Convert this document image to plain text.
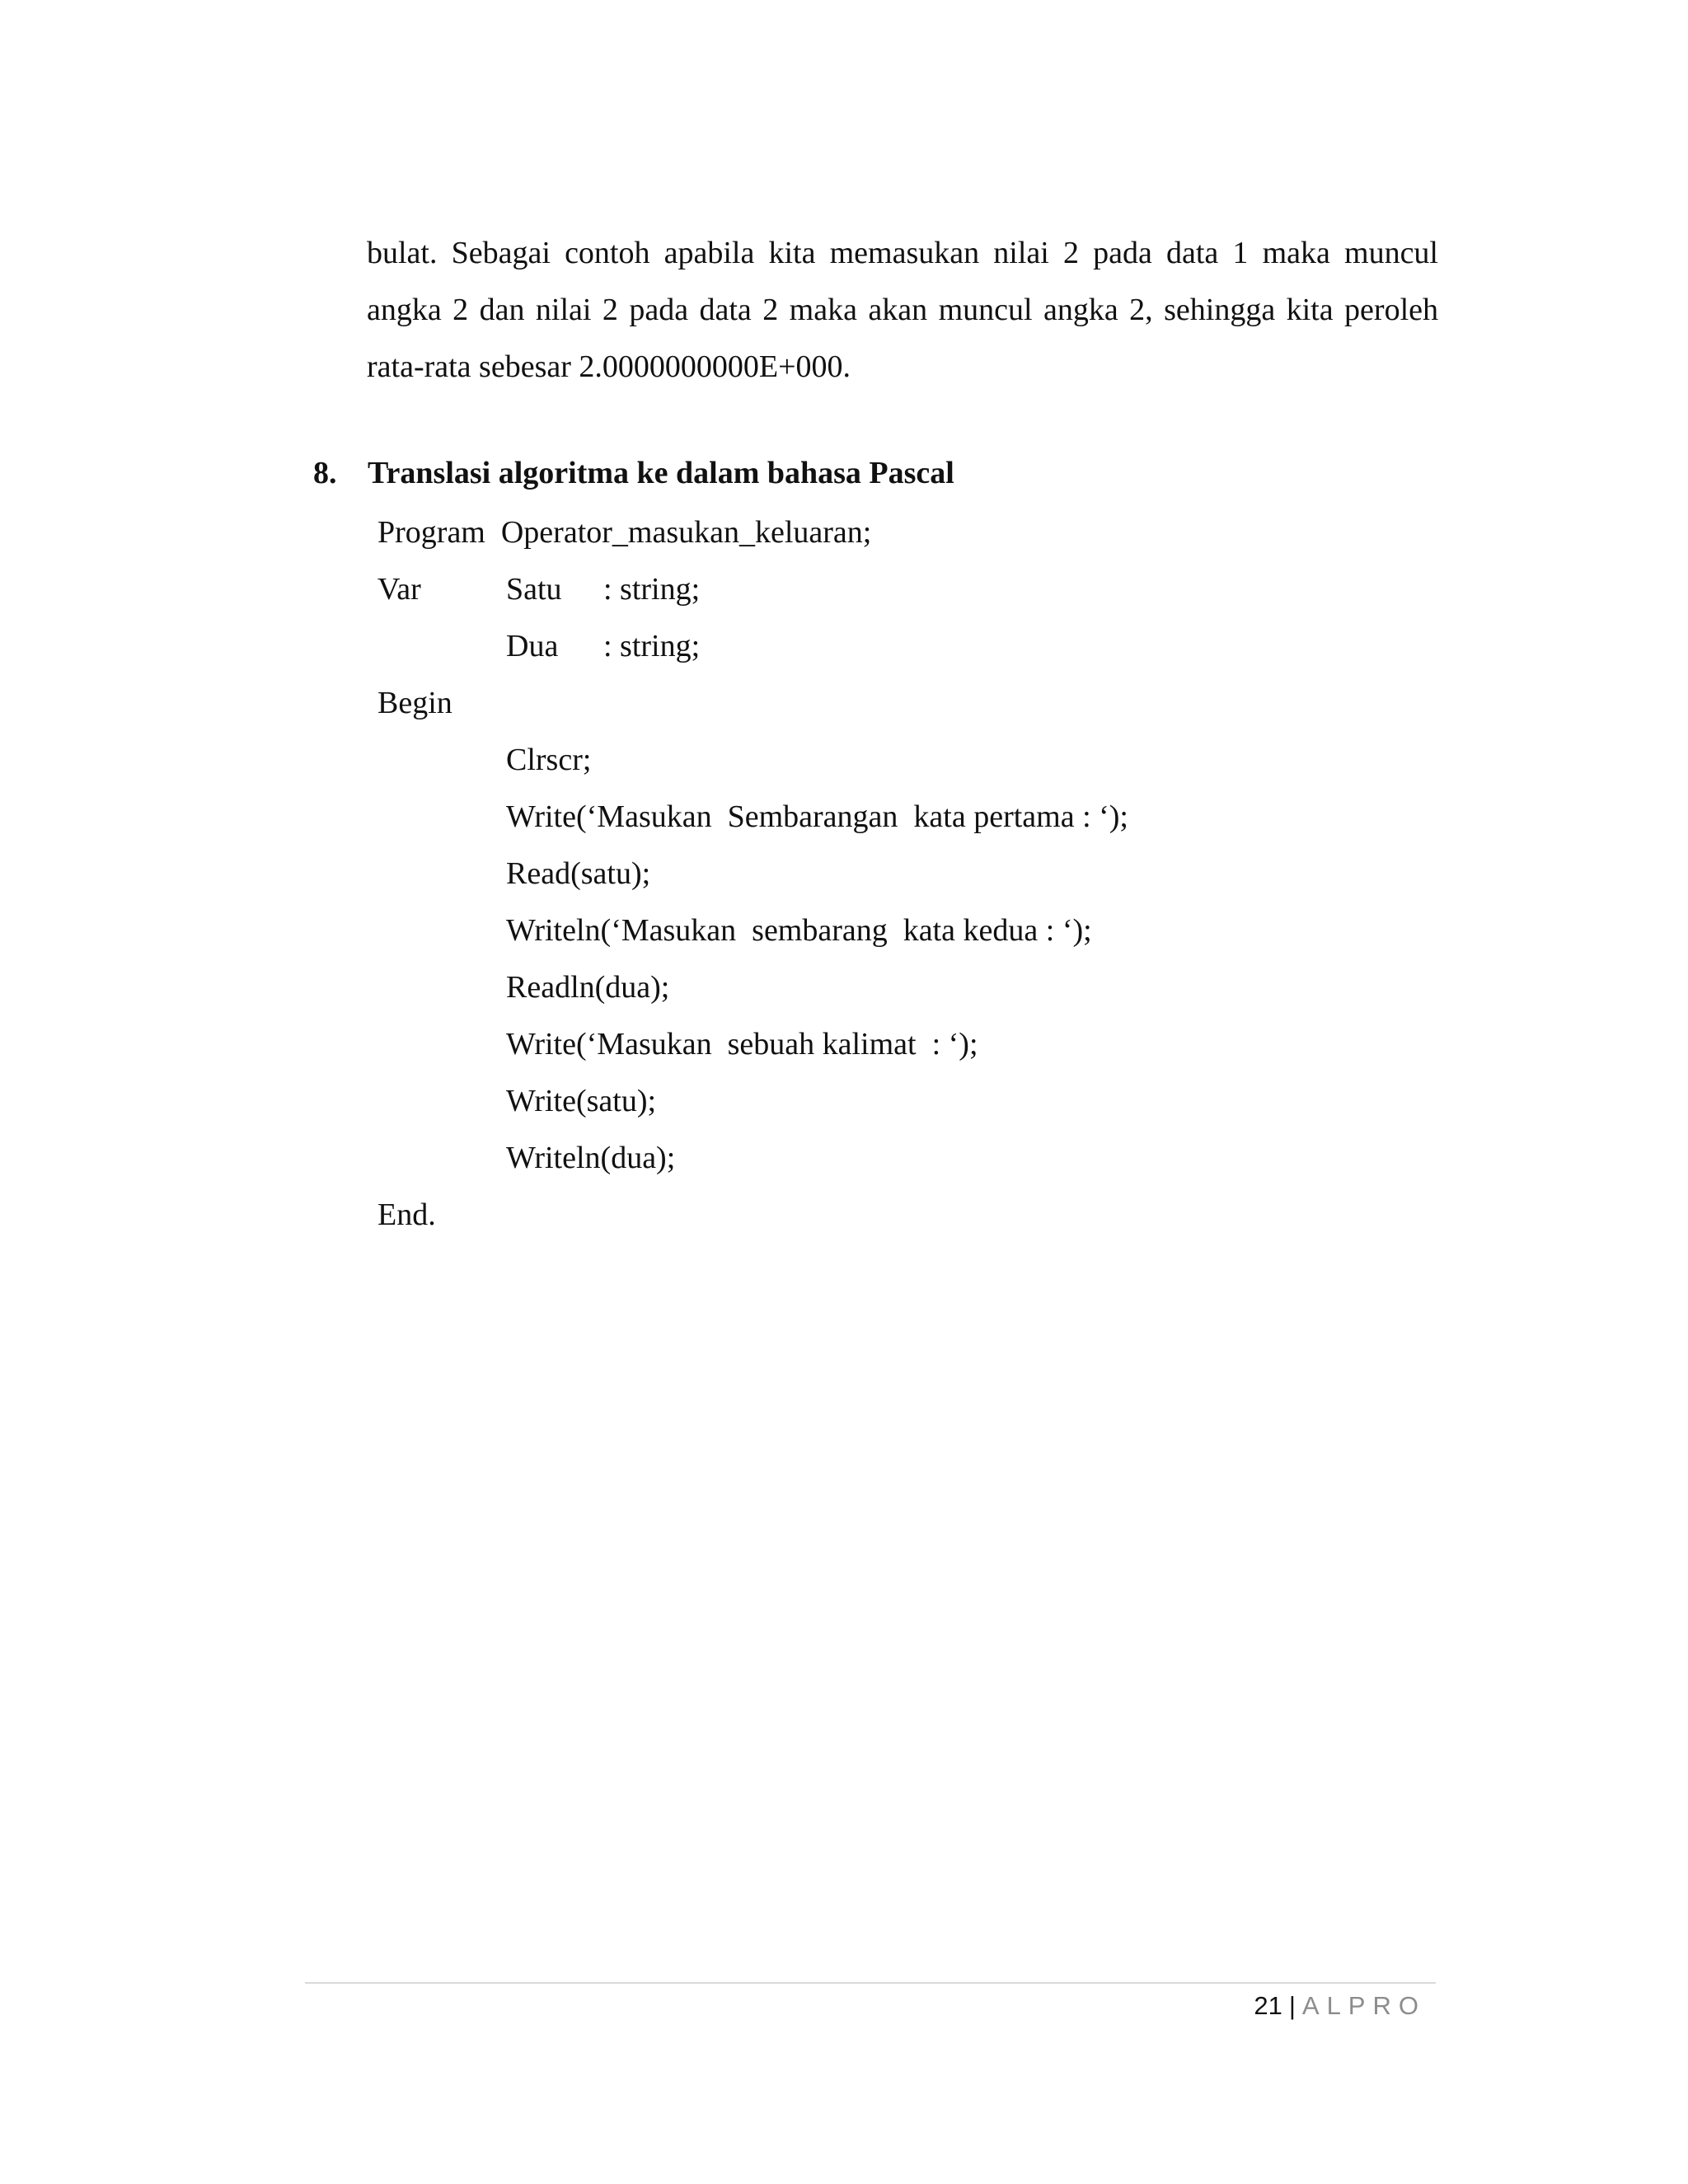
bulat. Sebagai contoh apabila kita memasukan nilai 2 pada data 1 maka muncul
angka 2 dan nilai 2 pada data 2 maka akan muncul angka 2, sehingga kita peroleh
rata-rata sebesar 2.0000000000E+000.
8. Translasi algoritma ke dalam bahasa Pascal
Program  Operator_masukan_keluaran;
Var	Satu : string;
Dua : string;
Begin
Clrscr;
Write(‘Masukan  Sembarangan  kata pertama : ‘);
Read(satu);
Writeln(‘Masukan  sembarang  kata kedua : ‘);
Readln(dua);
Write(‘Masukan  sebuah kalimat  : ‘);
Write(satu);
Writeln(dua);
End.
21 | ALPRO
